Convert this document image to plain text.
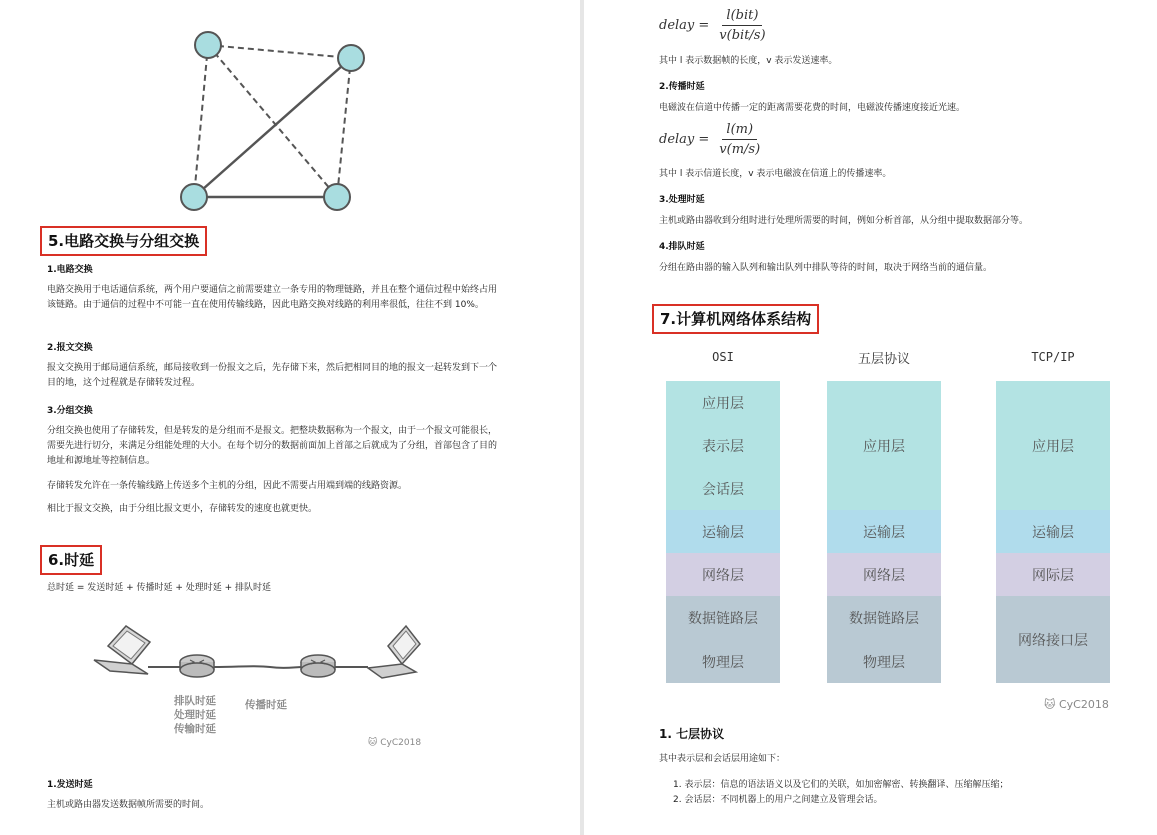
5.电路交换与分组交换
1.电路交换
电路交换用于电话通信系统，两个用户要通信之前需要建立一条专用的物理链路，并且在整个通信过程中始终占用该链路。由于通信的过程中不可能一直在使用传输线路，因此电路交换对线路的利用率很低，往往不到 10%。
2.报文交换
报文交换用于邮局通信系统，邮局接收到一份报文之后，先存储下来，然后把相同目的地的报文一起转发到下一个目的地，这个过程就是存储转发过程。
3.分组交换
分组交换也使用了存储转发，但是转发的是分组而不是报文。把整块数据称为一个报文，由于一个报文可能很长，需要先进行切分，来满足分组能处理的大小。在每个切分的数据前面加上首部之后就成为了分组，首部包含了目的地址和源地址等控制信息。
存储转发允许在一条传输线路上传送多个主机的分组，因此不需要占用端到端的线路资源。
相比于报文交换，由于分组比报文更小，存储转发的速度也就更快。
6.时延
总时延 = 发送时延 + 传播时延 + 处理时延 + 排队时延
排队时延
处理时延
传输时延
传播时延
🐱 CyC2018
1.发送时延
主机或路由器发送数据帧所需要的时间。
delay = $\frac{\text{l(bit)}}{\text{v(bit/s)}}$
其中 l 表示数据帧的长度，v 表示发送速率。
2.传播时延
电磁波在信道中传播一定的距离需要花费的时间，电磁波传播速度接近光速。
delay = $\frac{l(m)}{v(m/s)}$
其中 l 表示信道长度，v 表示电磁波在信道上的传播速率。
3.处理时延
主机或路由器收到分组时进行处理所需要的时间，例如分析首部，从分组中提取数据部分等。
4.排队时延
分组在路由器的输入队列和输出队列中排队等待的时间，取决于网络当前的通信量。
7.计算机网络体系结构
OSI	五层协议	TCP/IP
应用层
表示层
会话层
运输层
网络层
数据链路层
物理层
应用层
运输层
网络层
数据链路层
物理层
应用层
运输层
网际层
网络接口层
🐱 CyC2018
1. 七层协议
其中表示层和会话层用途如下：
1. 表示层：信息的语法语义以及它们的关联，如加密解密、转换翻译、压缩解压缩；
2. 会话层：不同机器上的用户之间建立及管理会话。
